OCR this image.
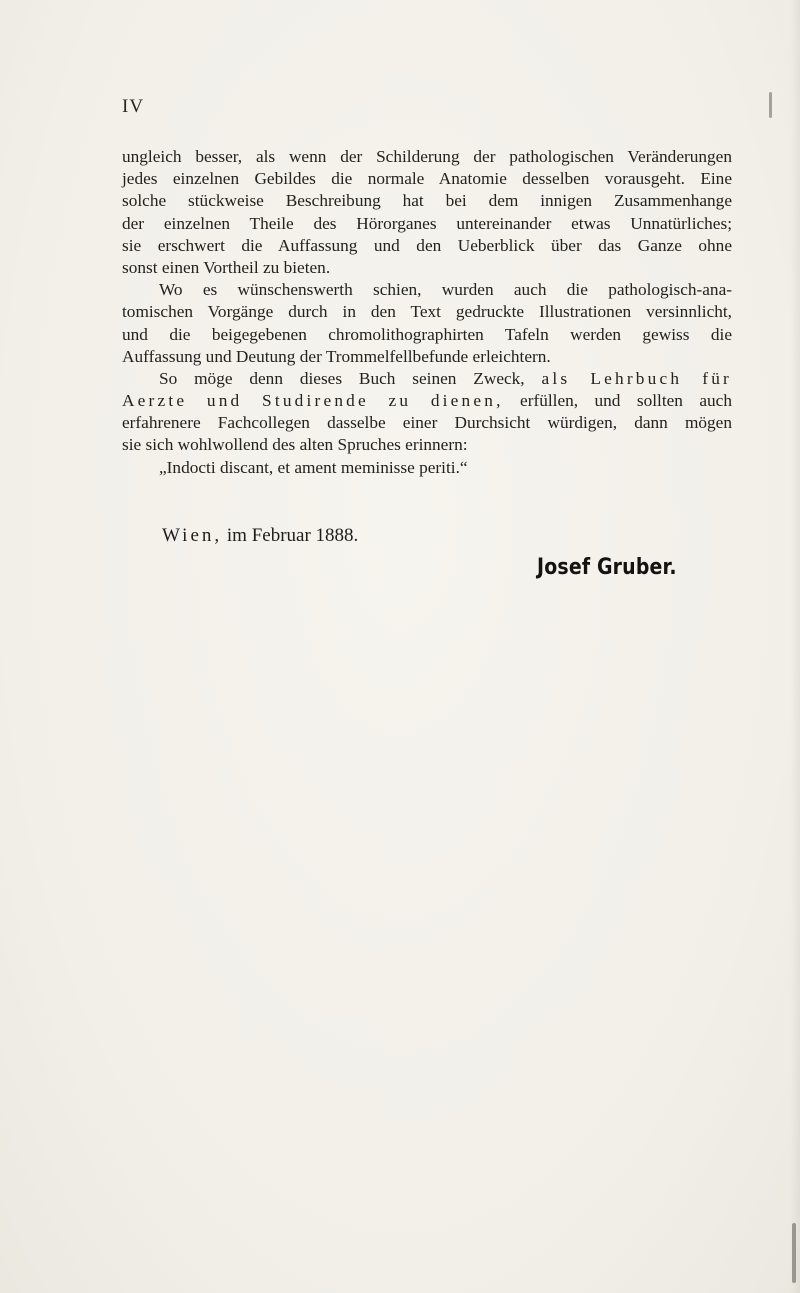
IV
ungleich besser, als wenn der Schilderung der pathologischen Veränderungen
jedes einzelnen Gebildes die normale Anatomie desselben vorausgeht. Eine
solche stückweise Beschreibung hat bei dem innigen Zusammenhange
der einzelnen Theile des Hörorganes untereinander etwas Unnatürliches;
sie erschwert die Auffassung und den Ueberblick über das Ganze ohne
sonst einen Vortheil zu bieten.
Wo es wünschenswerth schien, wurden auch die pathologisch-ana-
tomischen Vorgänge durch in den Text gedruckte Illustrationen versinnlicht,
und die beigegebenen chromolithographirten Tafeln werden gewiss die
Auffassung und Deutung der Trommelfellbefunde erleichtern.
So möge denn dieses Buch seinen Zweck, als Lehrbuch für
Aerzte und Studirende zu dienen, erfüllen, und sollten auch
erfahrenere Fachcollegen dasselbe einer Durchsicht würdigen, dann mögen
sie sich wohlwollend des alten Spruches erinnern:
„Indocti discant, et ament meminisse periti.“
Wien, im Februar 1888.
Josef Gruber.
